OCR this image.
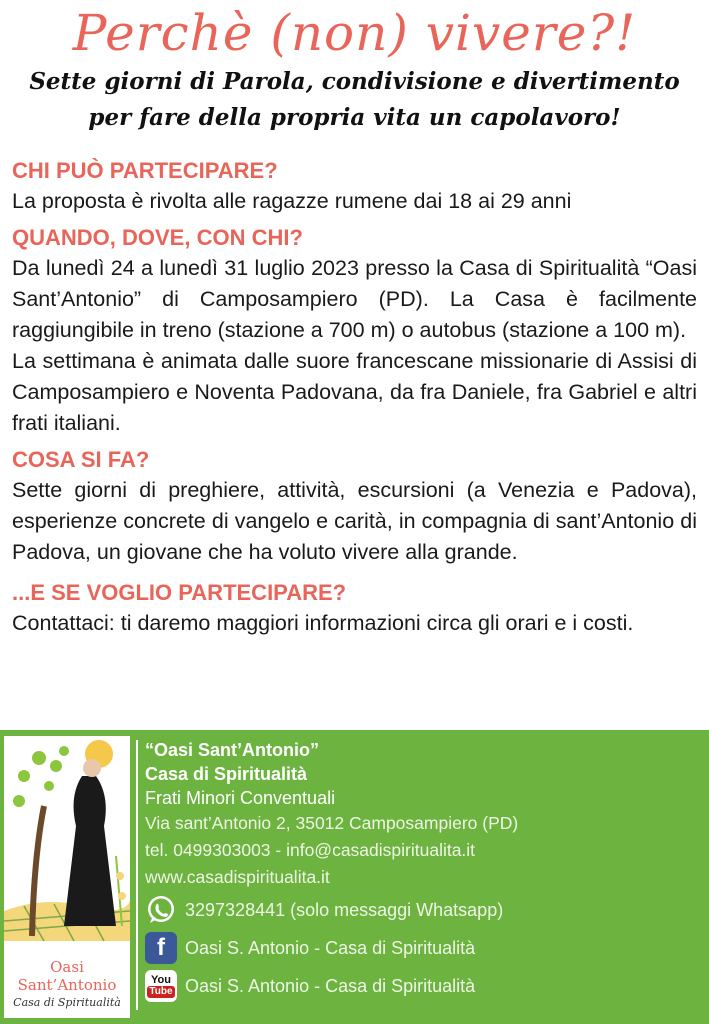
Perchè (non) vivere?!
Sette giorni di Parola, condivisione e divertimento
per fare della propria vita un capolavoro!
CHI PUÒ PARTECIPARE?

La proposta è rivolta alle ragazze rumene dai 18 ai 29 anni

QUANDO, DOVE, CON CHI?

Da lunedì 24 a lunedì 31 luglio 2023 presso la Casa di Spiritualità “Oasi Sant’Antonio” di Camposampiero (PD). La Casa è facilmente raggiungibile in treno (stazione a 700 m) o autobus (stazione a 100 m).

La settimana è animata dalle suore francescane missionarie di Assisi di Camposampiero e Noventa Padovana, da fra Daniele, fra Gabriel e altri frati italiani.

COSA SI FA?

Sette giorni di preghiere, attività, escursioni (a Venezia e Padova), esperienze concrete di vangelo e carità, in compagnia di sant’Antonio di Padova, un giovane che ha voluto vivere alla grande.

...E SE VOGLIO PARTECIPARE?

Contattaci: ti daremo maggiori informazioni circa gli orari e i costi.

Oasi
Sant’Antonio
Casa di Spiritualità
“Oasi Sant’Antonio”
Casa di Spiritualità
Frati Minori Conventuali
Via sant’Antonio 2, 35012 Camposampiero (PD)
tel. 0499303003 - info@casadispiritualita.it
www.casadispiritualita.it
3297328441 (solo messaggi Whatsapp)
f Oasi S. Antonio - Casa di Spiritualità
You
Tube Oasi S. Antonio - Casa di Spiritualità
